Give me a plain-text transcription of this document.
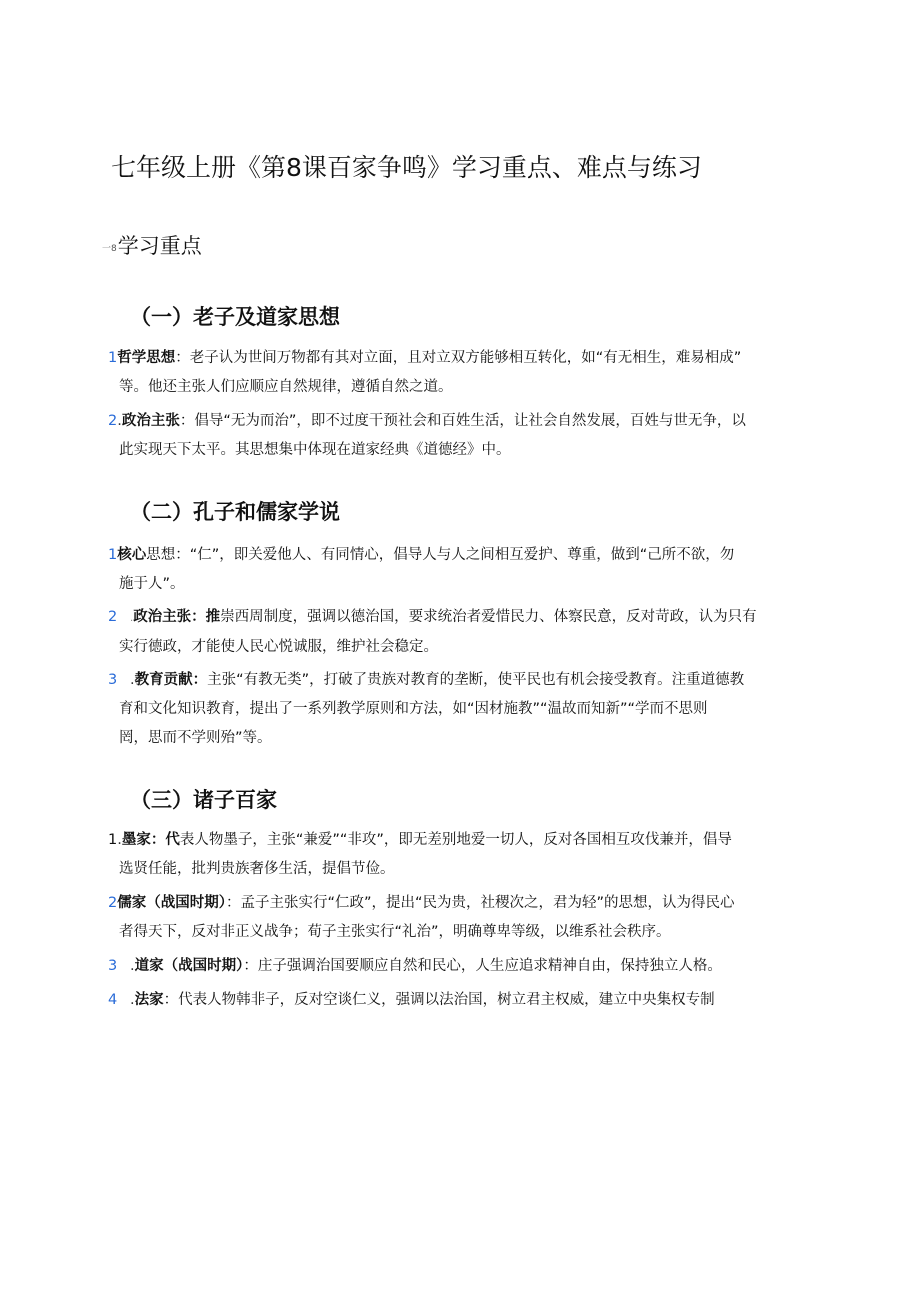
七年级上册《第8课百家争鸣》学习重点、难点与练习
一8学习重点
（一）老子及道家思想
1哲学思想：老子认为世间万物都有其对立面，且对立双方能够相互转化，如“有无相生，难易相成”
等。他还主张人们应顺应自然规律，遵循自然之道。
2.政治主张：倡导“无为而治”，即不过度干预社会和百姓生活，让社会自然发展，百姓与世无争，以
此实现天下太平。其思想集中体现在道家经典《道德经》中。
（二）孔子和儒家学说
1核心思想：“仁”，即关爱他人、有同情心，倡导人与人之间相互爱护、尊重，做到“己所不欲，勿
施于人”。
2 .政治主张：推崇西周制度，强调以德治国，要求统治者爱惜民力、体察民意，反对苛政，认为只有
实行德政，才能使人民心悦诚服，维护社会稳定。
3 .教育贡献：主张“有教无类”，打破了贵族对教育的垄断，使平民也有机会接受教育。注重道德教
育和文化知识教育，提出了一系列教学原则和方法，如“因材施教”“温故而知新”“学而不思则
罔，思而不学则殆”等。
（三）诸子百家
1.墨家：代表人物墨子，主张“兼爱”“非攻”，即无差别地爱一切人，反对各国相互攻伐兼并，倡导
选贤任能，批判贵族奢侈生活，提倡节俭。
2儒家（战国时期）：孟子主张实行“仁政”，提出“民为贵，社稷次之，君为轻”的思想，认为得民心
者得天下，反对非正义战争；荀子主张实行“礼治”，明确尊卑等级，以维系社会秩序。
3 .道家（战国时期）：庄子强调治国要顺应自然和民心，人生应追求精神自由，保持独立人格。
4 .法家：代表人物韩非子，反对空谈仁义，强调以法治国，树立君主权威，建立中央集权专制
